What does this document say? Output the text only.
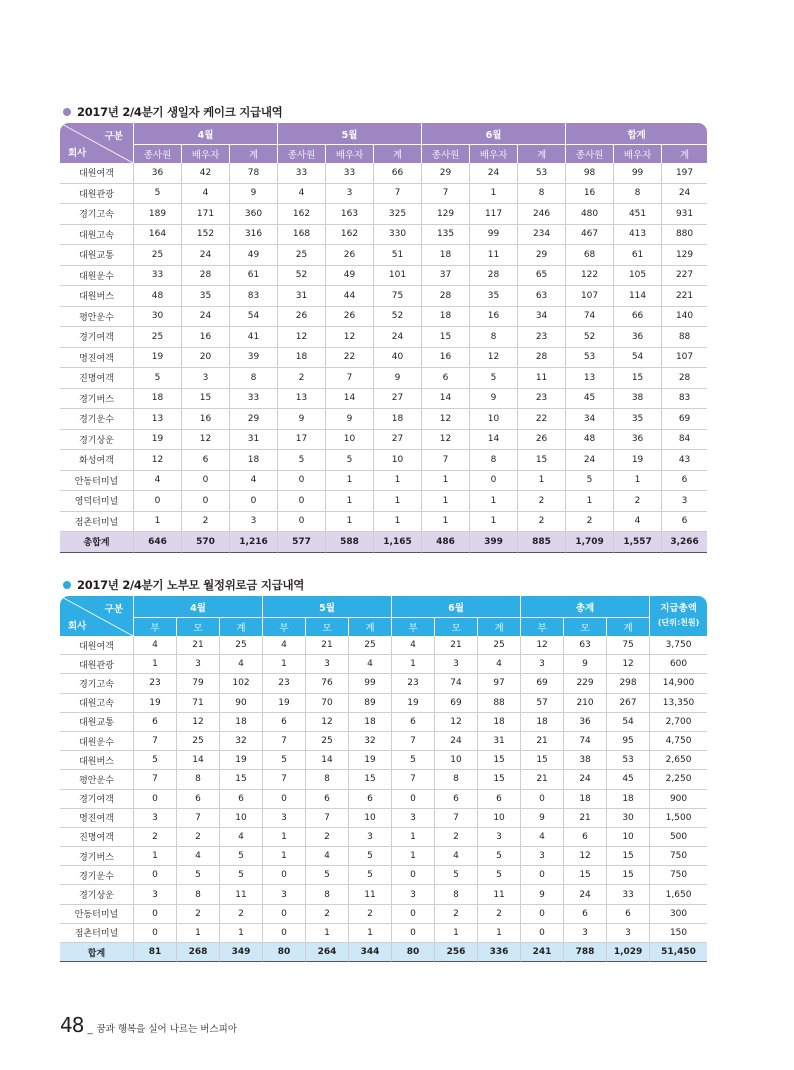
2017년 2/4분기 생일자 케이크 지급내역
구분
회사	4월			5월			6월			합계		
	종사원	배우자	계	종사원	배우자	계	종사원	배우자	계	종사원	배우자	계
대원여객	36	42	78	33	33	66	29	24	53	98	99	197
대원관광	5	4	9	4	3	7	7	1	8	16	8	24
경기고속	189	171	360	162	163	325	129	117	246	480	451	931
대원고속	164	152	316	168	162	330	135	99	234	467	413	880
대원교통	25	24	49	25	26	51	18	11	29	68	61	129
대원운수	33	28	61	52	49	101	37	28	65	122	105	227
대원버스	48	35	83	31	44	75	28	35	63	107	114	221
평안운수	30	24	54	26	26	52	18	16	34	74	66	140
경기여객	25	16	41	12	12	24	15	8	23	52	36	88
명진여객	19	20	39	18	22	40	16	12	28	53	54	107
진명여객	5	3	8	2	7	9	6	5	11	13	15	28
경기버스	18	15	33	13	14	27	14	9	23	45	38	83
경기운수	13	16	29	9	9	18	12	10	22	34	35	69
경기상운	19	12	31	17	10	27	12	14	26	48	36	84
화성여객	12	6	18	5	5	10	7	8	15	24	19	43
안동터미널	4	0	4	0	1	1	1	0	1	5	1	6
영덕터미널	0	0	0	0	1	1	1	1	2	1	2	3
점촌터미널	1	2	3	0	1	1	1	1	2	2	4	6
총합계	646	570	1,216	577	588	1,165	486	399	885	1,709	1,557	3,266
2017년 2/4분기 노부모 월정위로금 지급내역
구분
회사	4월			5월			6월			총계			지급총액
(단위:천원)

	부	모	계	부	모	계	부	모	계	부	모	계	
대원여객	4	21	25	4	21	25	4	21	25	12	63	75	3,750
대원관광	1	3	4	1	3	4	1	3	4	3	9	12	600
경기고속	23	79	102	23	76	99	23	74	97	69	229	298	14,900
대원고속	19	71	90	19	70	89	19	69	88	57	210	267	13,350
대원교통	6	12	18	6	12	18	6	12	18	18	36	54	2,700
대원운수	7	25	32	7	25	32	7	24	31	21	74	95	4,750
대원버스	5	14	19	5	14	19	5	10	15	15	38	53	2,650
평안운수	7	8	15	7	8	15	7	8	15	21	24	45	2,250
경기여객	0	6	6	0	6	6	0	6	6	0	18	18	900
명진여객	3	7	10	3	7	10	3	7	10	9	21	30	1,500
진명여객	2	2	4	1	2	3	1	2	3	4	6	10	500
경기버스	1	4	5	1	4	5	1	4	5	3	12	15	750
경기운수	0	5	5	0	5	5	0	5	5	0	15	15	750
경기상운	3	8	11	3	8	11	3	8	11	9	24	33	1,650
안동터미널	0	2	2	0	2	2	0	2	2	0	6	6	300
점촌터미널	0	1	1	0	1	1	0	1	1	0	3	3	150
합계	81	268	349	80	264	344	80	256	336	241	788	1,029	51,450
48 _ 꿈과 행복을 실어 나르는 버스피아
